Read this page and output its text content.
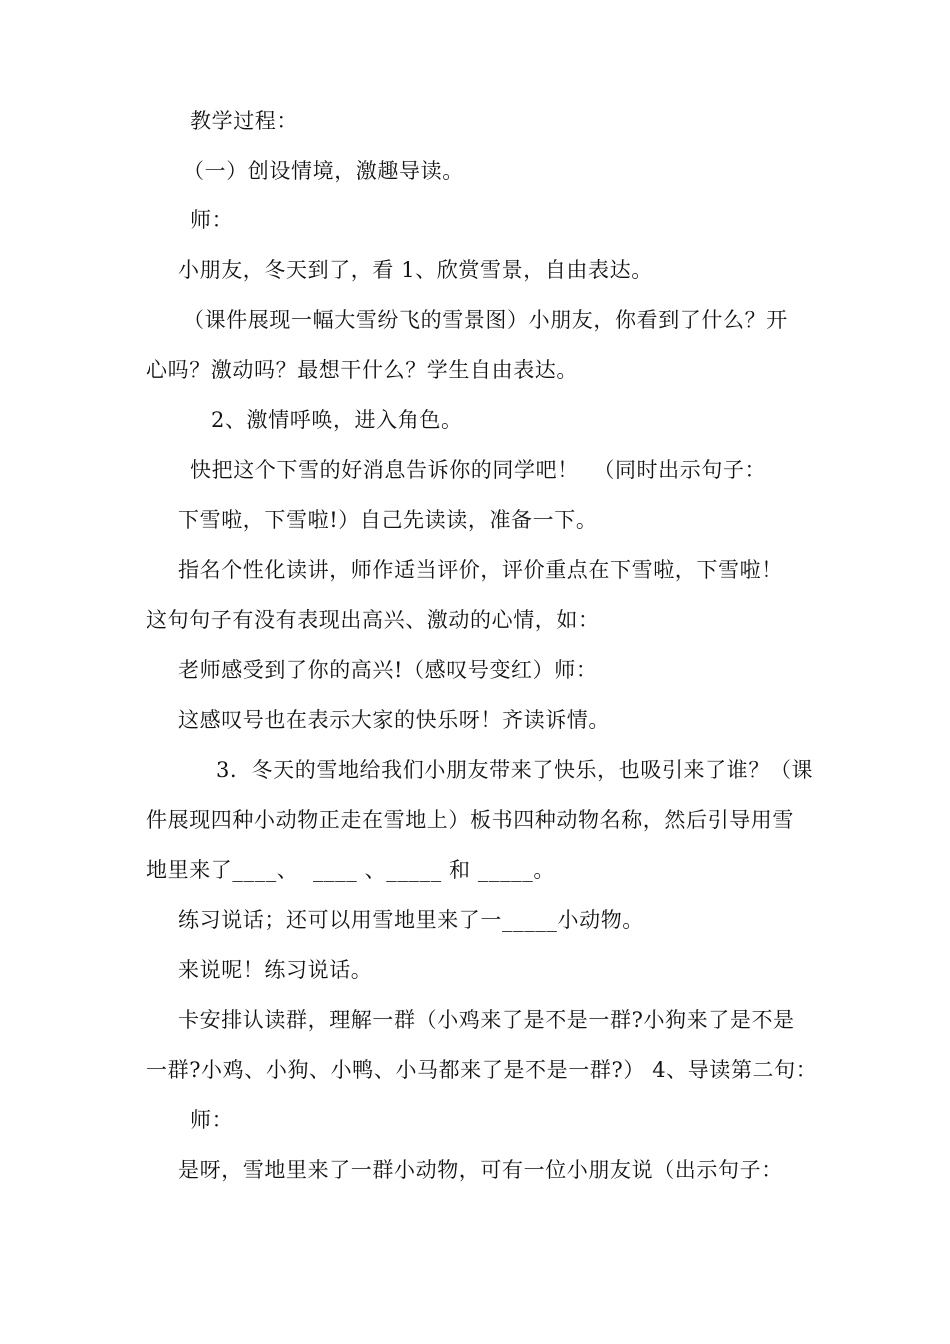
教学过程：
（一）创设情境，激趣导读。
师：
小朋友，冬天到了，看 1、欣赏雪景，自由表达。
（课件展现一幅大雪纷飞的雪景图）小朋友，你看到了什么？开
心吗？激动吗？最想干什么？学生自由表达。
2、激情呼唤，进入角色。
快把这个下雪的好消息告诉你的同学吧！  （同时出示句子：
下雪啦，下雪啦!）自己先读读，准备一下。
指名个性化读讲，师作适当评价，评价重点在下雪啦，下雪啦！
这句句子有没有表现出高兴、激动的心情，如：
老师感受到了你的高兴!（感叹号变红）师：
这感叹号也在表示大家的快乐呀！齐读诉情。
3．冬天的雪地给我们小朋友带来了快乐，也吸引来了谁？（课
件展现四种小动物正走在雪地上）板书四种动物名称，然后引导用雪
地里来了____、  ____ 、_____ 和 _____。
练习说话；还可以用雪地里来了一_____小动物。
来说呢！练习说话。
卡安排认读群，理解一群（小鸡来了是不是一群?小狗来了是不是
一群?小鸡、小狗、小鸭、小马都来了是不是一群?） 4、导读第二句：
师：
是呀，雪地里来了一群小动物，可有一位小朋友说（出示句子：
